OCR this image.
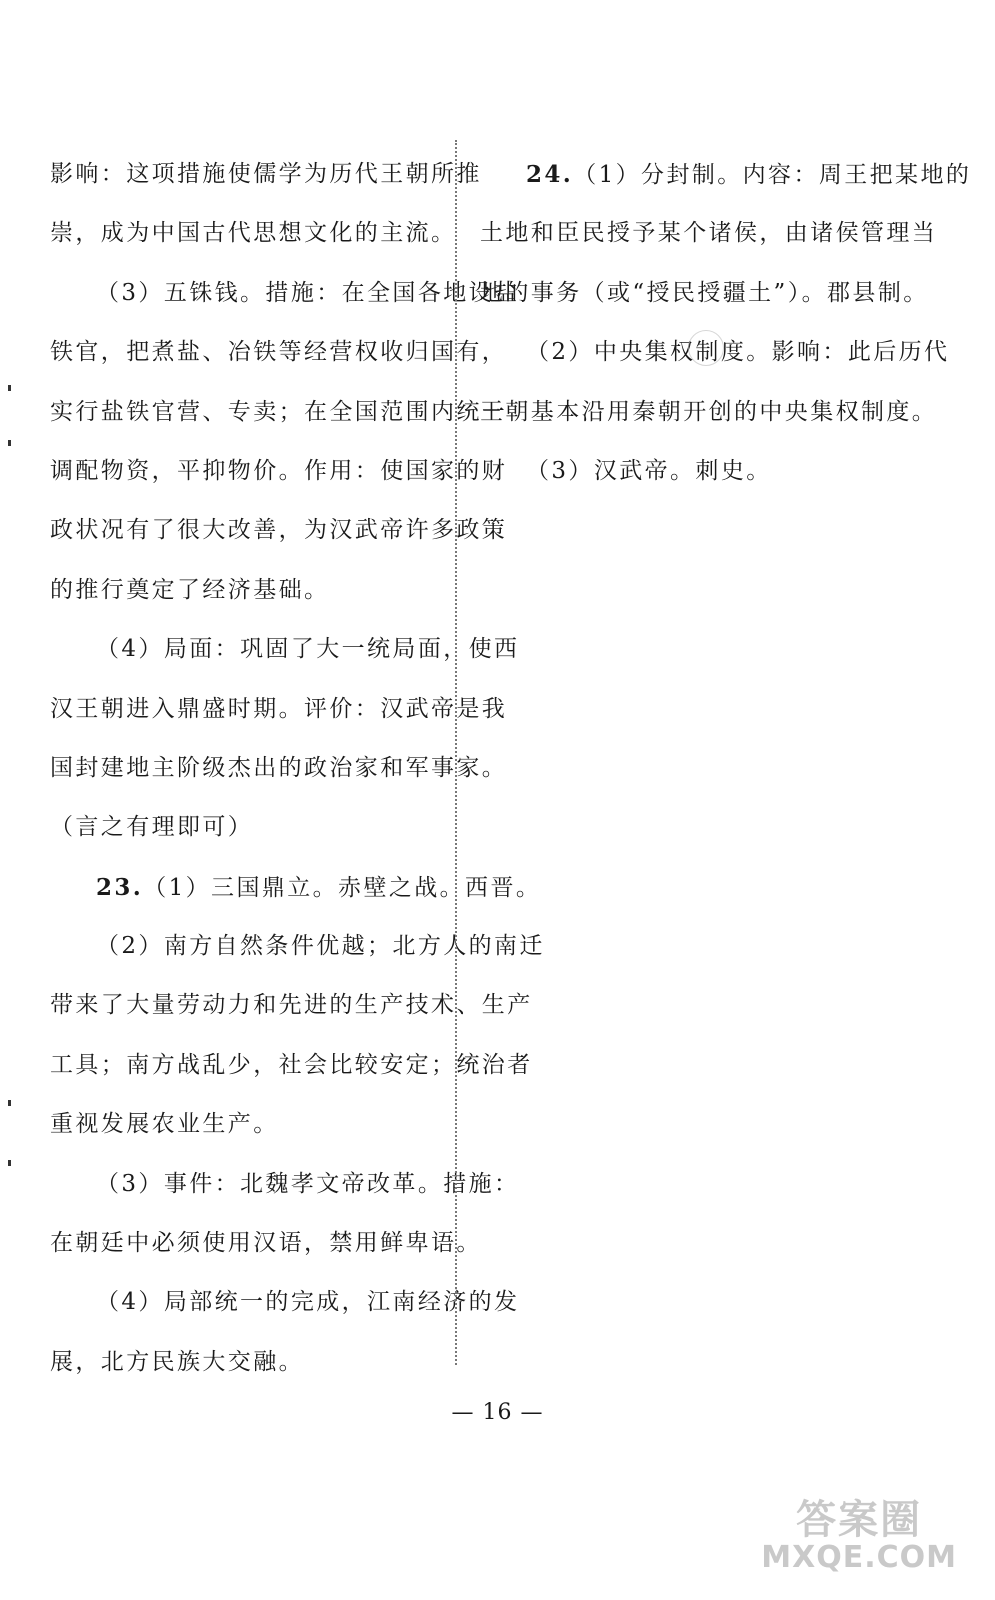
影响：这项措施使儒学为历代王朝所推
崇，成为中国古代思想文化的主流。
（3）五铢钱。措施：在全国各地设盐
铁官，把煮盐、冶铁等经营权收归国有，
实行盐铁官营、专卖；在全国范围内统一
调配物资，平抑物价。作用：使国家的财
政状况有了很大改善，为汉武帝许多政策
的推行奠定了经济基础。
（4）局面：巩固了大一统局面，使西
汉王朝进入鼎盛时期。评价：汉武帝是我
国封建地主阶级杰出的政治家和军事家。
（言之有理即可）
23.（1）三国鼎立。赤壁之战。西晋。
（2）南方自然条件优越；北方人的南迁
带来了大量劳动力和先进的生产技术、生产
工具；南方战乱少，社会比较安定；统治者
重视发展农业生产。
（3）事件：北魏孝文帝改革。措施：
在朝廷中必须使用汉语，禁用鲜卑语。
（4）局部统一的完成，江南经济的发
展，北方民族大交融。
24.（1）分封制。内容：周王把某地的
土地和臣民授予某个诸侯，由诸侯管理当
地的事务（或“授民授疆土”）。郡县制。
（2）中央集权制度。影响：此后历代
王朝基本沿用秦朝开创的中央集权制度。
（3）汉武帝。刺史。
— 16 —
答案圈
MXQE.COM
